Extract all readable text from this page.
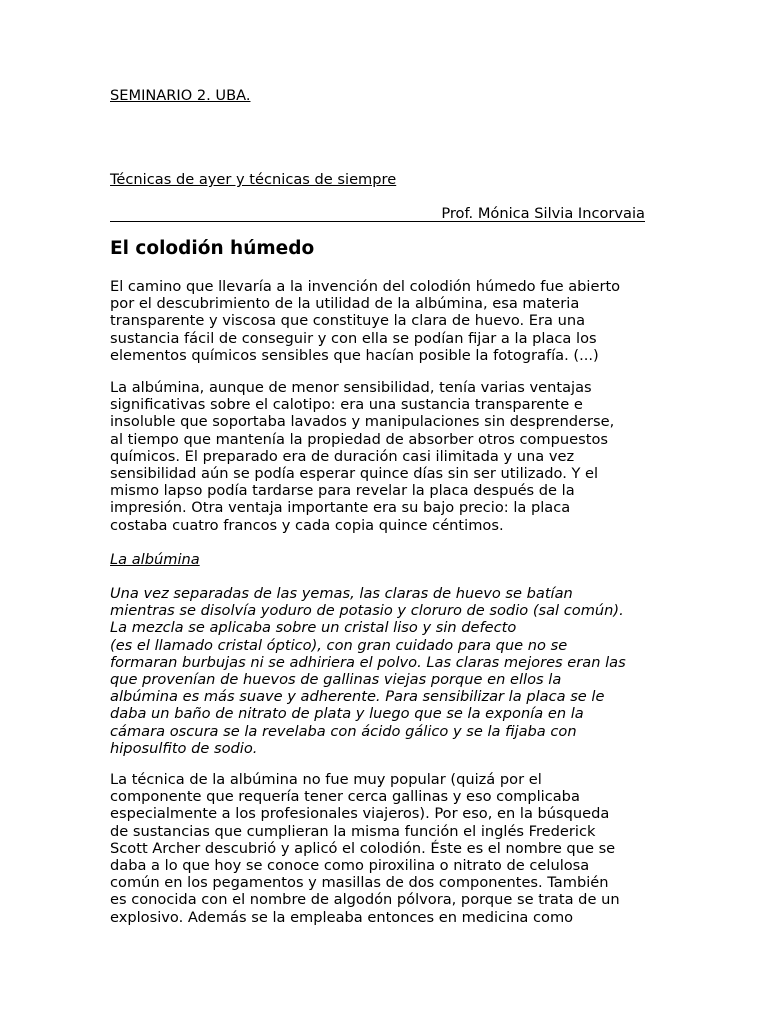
SEMINARIO 2. UBA.
Técnicas de ayer y técnicas de siempre
Prof. Mónica Silvia Incorvaia
El colodión húmedo
El camino que llevaría a la invención del colodión húmedo fue abierto
por el descubrimiento de la utilidad de la albúmina, esa materia
transparente y viscosa que constituye la clara de huevo. Era una
sustancia fácil de conseguir y con ella se podían fijar a la placa los
elementos químicos sensibles que hacían posible la fotografía. (...)
La albúmina, aunque de menor sensibilidad, tenía varias ventajas
significativas sobre el calotipo: era una sustancia transparente e
insoluble que soportaba lavados y manipulaciones sin desprenderse,
al tiempo que mantenía la propiedad de absorber otros compuestos
químicos. El preparado era de duración casi ilimitada y una vez
sensibilidad aún se podía esperar quince días sin ser utilizado. Y el
mismo lapso podía tardarse para revelar la placa después de la
impresión. Otra ventaja importante era su bajo precio: la placa
costaba cuatro francos y cada copia quince céntimos.
La albúmina
Una vez separadas de las yemas, las claras de huevo se batían
mientras se disolvía yoduro de potasio y cloruro de sodio (sal común).
La mezcla se aplicaba sobre un cristal liso y sin defecto
(es el llamado cristal óptico), con gran cuidado para que no se
formaran burbujas ni se adhiriera el polvo. Las claras mejores eran las
que provenían de huevos de gallinas viejas porque en ellos la
albúmina es más suave y adherente. Para sensibilizar la placa se le
daba un baño de nitrato de plata y luego que se la exponía en la
cámara oscura se la revelaba con ácido gálico y se la fijaba con
hiposulfito de sodio.
La técnica de la albúmina no fue muy popular (quizá por el
componente que requería tener cerca gallinas y eso complicaba
especialmente a los profesionales viajeros). Por eso, en la búsqueda
de sustancias que cumplieran la misma función el inglés Frederick
Scott Archer descubrió y aplicó el colodión. Éste es el nombre que se
daba a lo que hoy se conoce como piroxilina o nitrato de celulosa
común en los pegamentos y masillas de dos componentes. También
es conocida con el nombre de algodón pólvora, porque se trata de un
explosivo. Además se la empleaba entonces en medicina como
